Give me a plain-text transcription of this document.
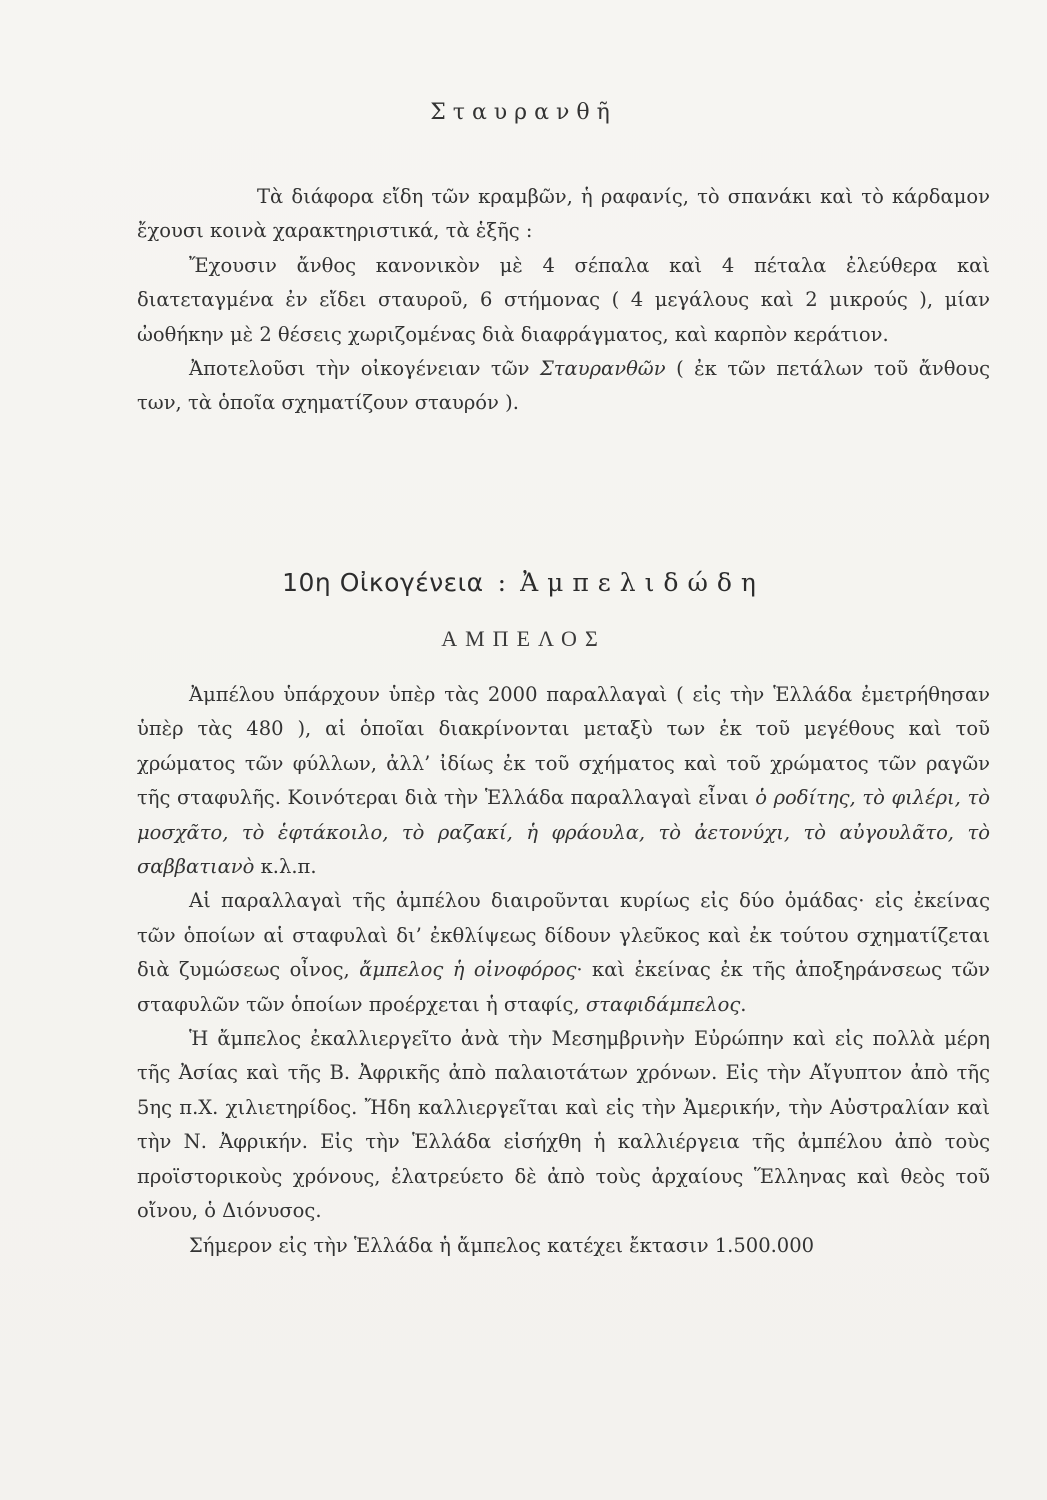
Σταυρανθῆ

Τὰ διάφορα εἴδη τῶν κραμβῶν, ἡ ραφανίς, τὸ σπανάκι καὶ τὸ κάρδαμον ἔχουσι κοινὰ χαρακτηριστικά, τὰ ἑξῆς :

Ἔχουσιν ἄνθος κανονικὸν μὲ 4 σέπαλα καὶ 4 πέταλα ἐλεύθερα καὶ διατεταγμένα ἐν εἴδει σταυροῦ, 6 στήμονας ( 4 μεγάλους καὶ 2 μικρούς ), μίαν ὠοθήκην μὲ 2 θέσεις χωριζομένας διὰ διαφράγματος, καὶ καρπὸν κεράτιον.

Ἀποτελοῦσι τὴν οἰκογένειαν τῶν Σταυρανθῶν ( ἐκ τῶν πετάλων τοῦ ἄνθους των, τὰ ὁποῖα σχηματίζουν σταυρόν ).

10η Οἰκογένεια : Ἀμπελιδώδη
ΑΜΠΕΛΟΣ

Ἀμπέλου ὑπάρχουν ὑπὲρ τὰς 2000 παραλλαγαὶ ( εἰς τὴν Ἑλλάδα ἐμετρήθησαν ὑπὲρ τὰς 480 ), αἱ ὁποῖαι διακρίνονται μεταξὺ των ἐκ τοῦ μεγέθους καὶ τοῦ χρώματος τῶν φύλλων, ἀλλ’ ἰδίως ἐκ τοῦ σχήματος καὶ τοῦ χρώματος τῶν ραγῶν τῆς σταφυλῆς. Κοινότεραι διὰ τὴν Ἑλλάδα παραλλαγαὶ εἶναι ὁ ροδίτης, τὸ φιλέρι, τὸ μοσχᾶτο, τὸ ἑφτάκοιλο, τὸ ραζακί, ἡ φράουλα, τὸ ἀετονύχι, τὸ αὐγουλᾶτο, τὸ σαββατιανὸ κ.λ.π.

Αἱ παραλλαγαὶ τῆς ἀμπέλου διαιροῦνται κυρίως εἰς δύο ὁμάδας· εἰς ἐκείνας τῶν ὁποίων αἱ σταφυλαὶ δι’ ἐκθλίψεως δίδουν γλεῦκος καὶ ἐκ τούτου σχηματίζεται διὰ ζυμώσεως οἶνος, ἄμπελος ἡ οἰνοφόρος· καὶ ἐκείνας ἐκ τῆς ἀποξηράνσεως τῶν σταφυλῶν τῶν ὁποίων προέρχεται ἡ σταφίς, σταφιδάμπελος.

Ἡ ἄμπελος ἐκαλλιεργεῖτο ἀνὰ τὴν Μεσημβρινὴν Εὐρώπην καὶ εἰς πολλὰ μέρη τῆς Ἀσίας καὶ τῆς Β. Ἀφρικῆς ἀπὸ παλαιοτάτων χρόνων. Εἰς τὴν Αἴγυπτον ἀπὸ τῆς 5ης π.Χ. χιλιετηρίδος. Ἤδη καλλιεργεῖται καὶ εἰς τὴν Ἀμερικήν, τὴν Αὐστραλίαν καὶ τὴν Ν. Ἀφρικήν. Εἰς τὴν Ἑλλάδα εἰσήχθη ἡ καλλιέργεια τῆς ἀμπέλου ἀπὸ τοὺς προϊστορικοὺς χρόνους, ἐλατρεύετο δὲ ἀπὸ τοὺς ἀρχαίους Ἕλληνας καὶ θεὸς τοῦ οἴνου, ὁ Διόνυσος.

Σήμερον εἰς τὴν Ἑλλάδα ἡ ἄμπελος κατέχει ἔκτασιν 1.500.000
